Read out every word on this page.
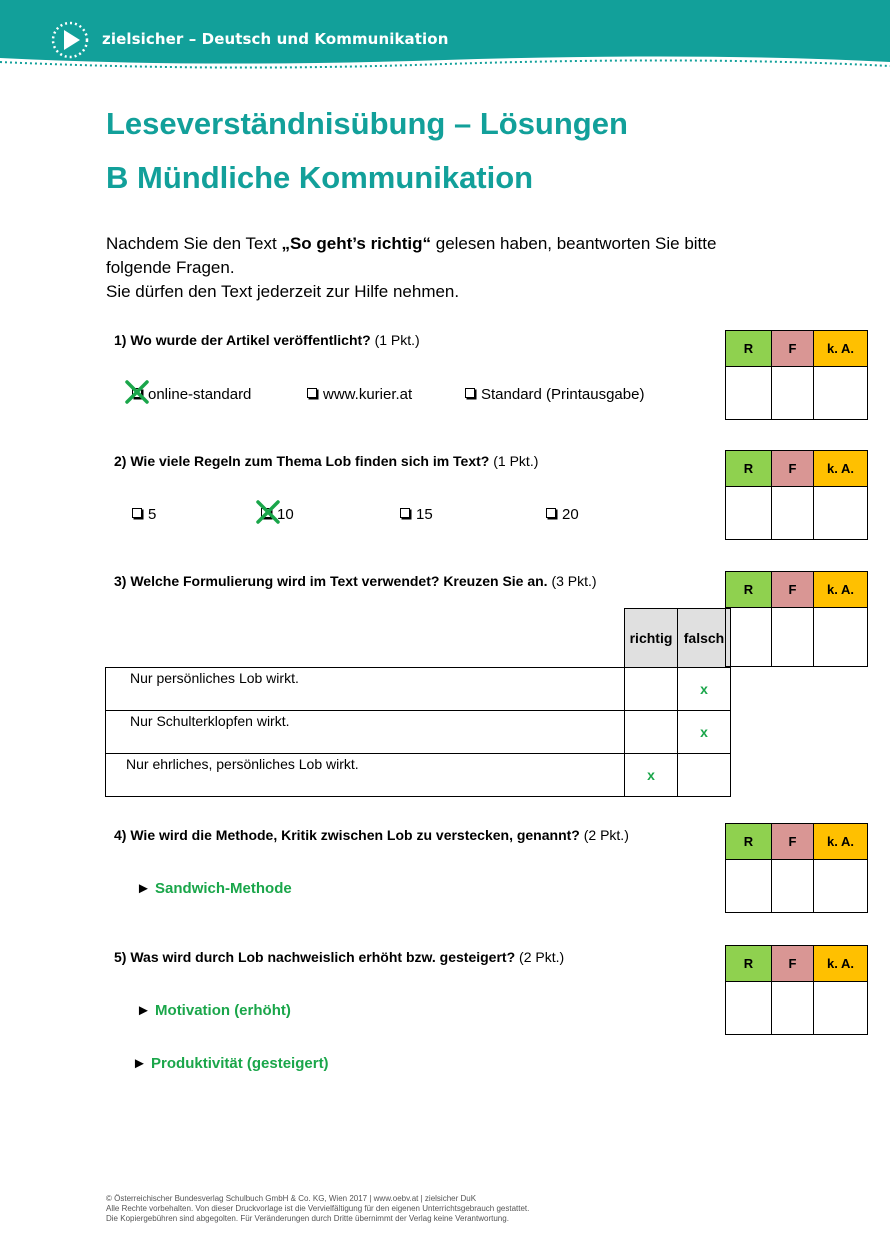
zielsicher – Deutsch und Kommunikation
Leseverständnisübung – Lösungen
B Mündliche Kommunikation
Nachdem Sie den Text „So geht’s richtig“ gelesen haben, beantworten Sie bitte
folgende Fragen.
Sie dürfen den Text jederzeit zur Hilfe nehmen.
1) Wo wurde der Artikel veröffentlicht? (1 Pkt.)
online-standard	www.kurier.at	Standard (Printausgabe)
R	F	k. A.

2) Wie viele Regeln zum Thema Lob finden sich im Text? (1 Pkt.)
5	10	15	20
R	F	k. A.

3) Welche Formulierung wird im Text verwendet? Kreuzen Sie an. (3 Pkt.)
	richtig	falsch
Nur persönliches Lob wirkt.		x
Nur Schulterklopfen wirkt.		x
Nur ehrliches, persönliches Lob wirkt.	x	
R	F	k. A.

4) Wie wird die Methode, Kritik zwischen Lob zu verstecken, genannt? (2 Pkt.)
► Sandwich-Methode
R	F	k. A.

5) Was wird durch Lob nachweislich erhöht bzw. gesteigert? (2 Pkt.)
► Motivation (erhöht)
► Produktivität (gesteigert)
R	F	k. A.

© Österreichischer Bundesverlag Schulbuch GmbH & Co. KG, Wien 2017 | www.oebv.at | zielsicher DuK
Alle Rechte vorbehalten. Von dieser Druckvorlage ist die Vervielfältigung für den eigenen Unterrichtsgebrauch gestattet.
Die Kopiergebühren sind abgegolten. Für Veränderungen durch Dritte übernimmt der Verlag keine Verantwortung.
